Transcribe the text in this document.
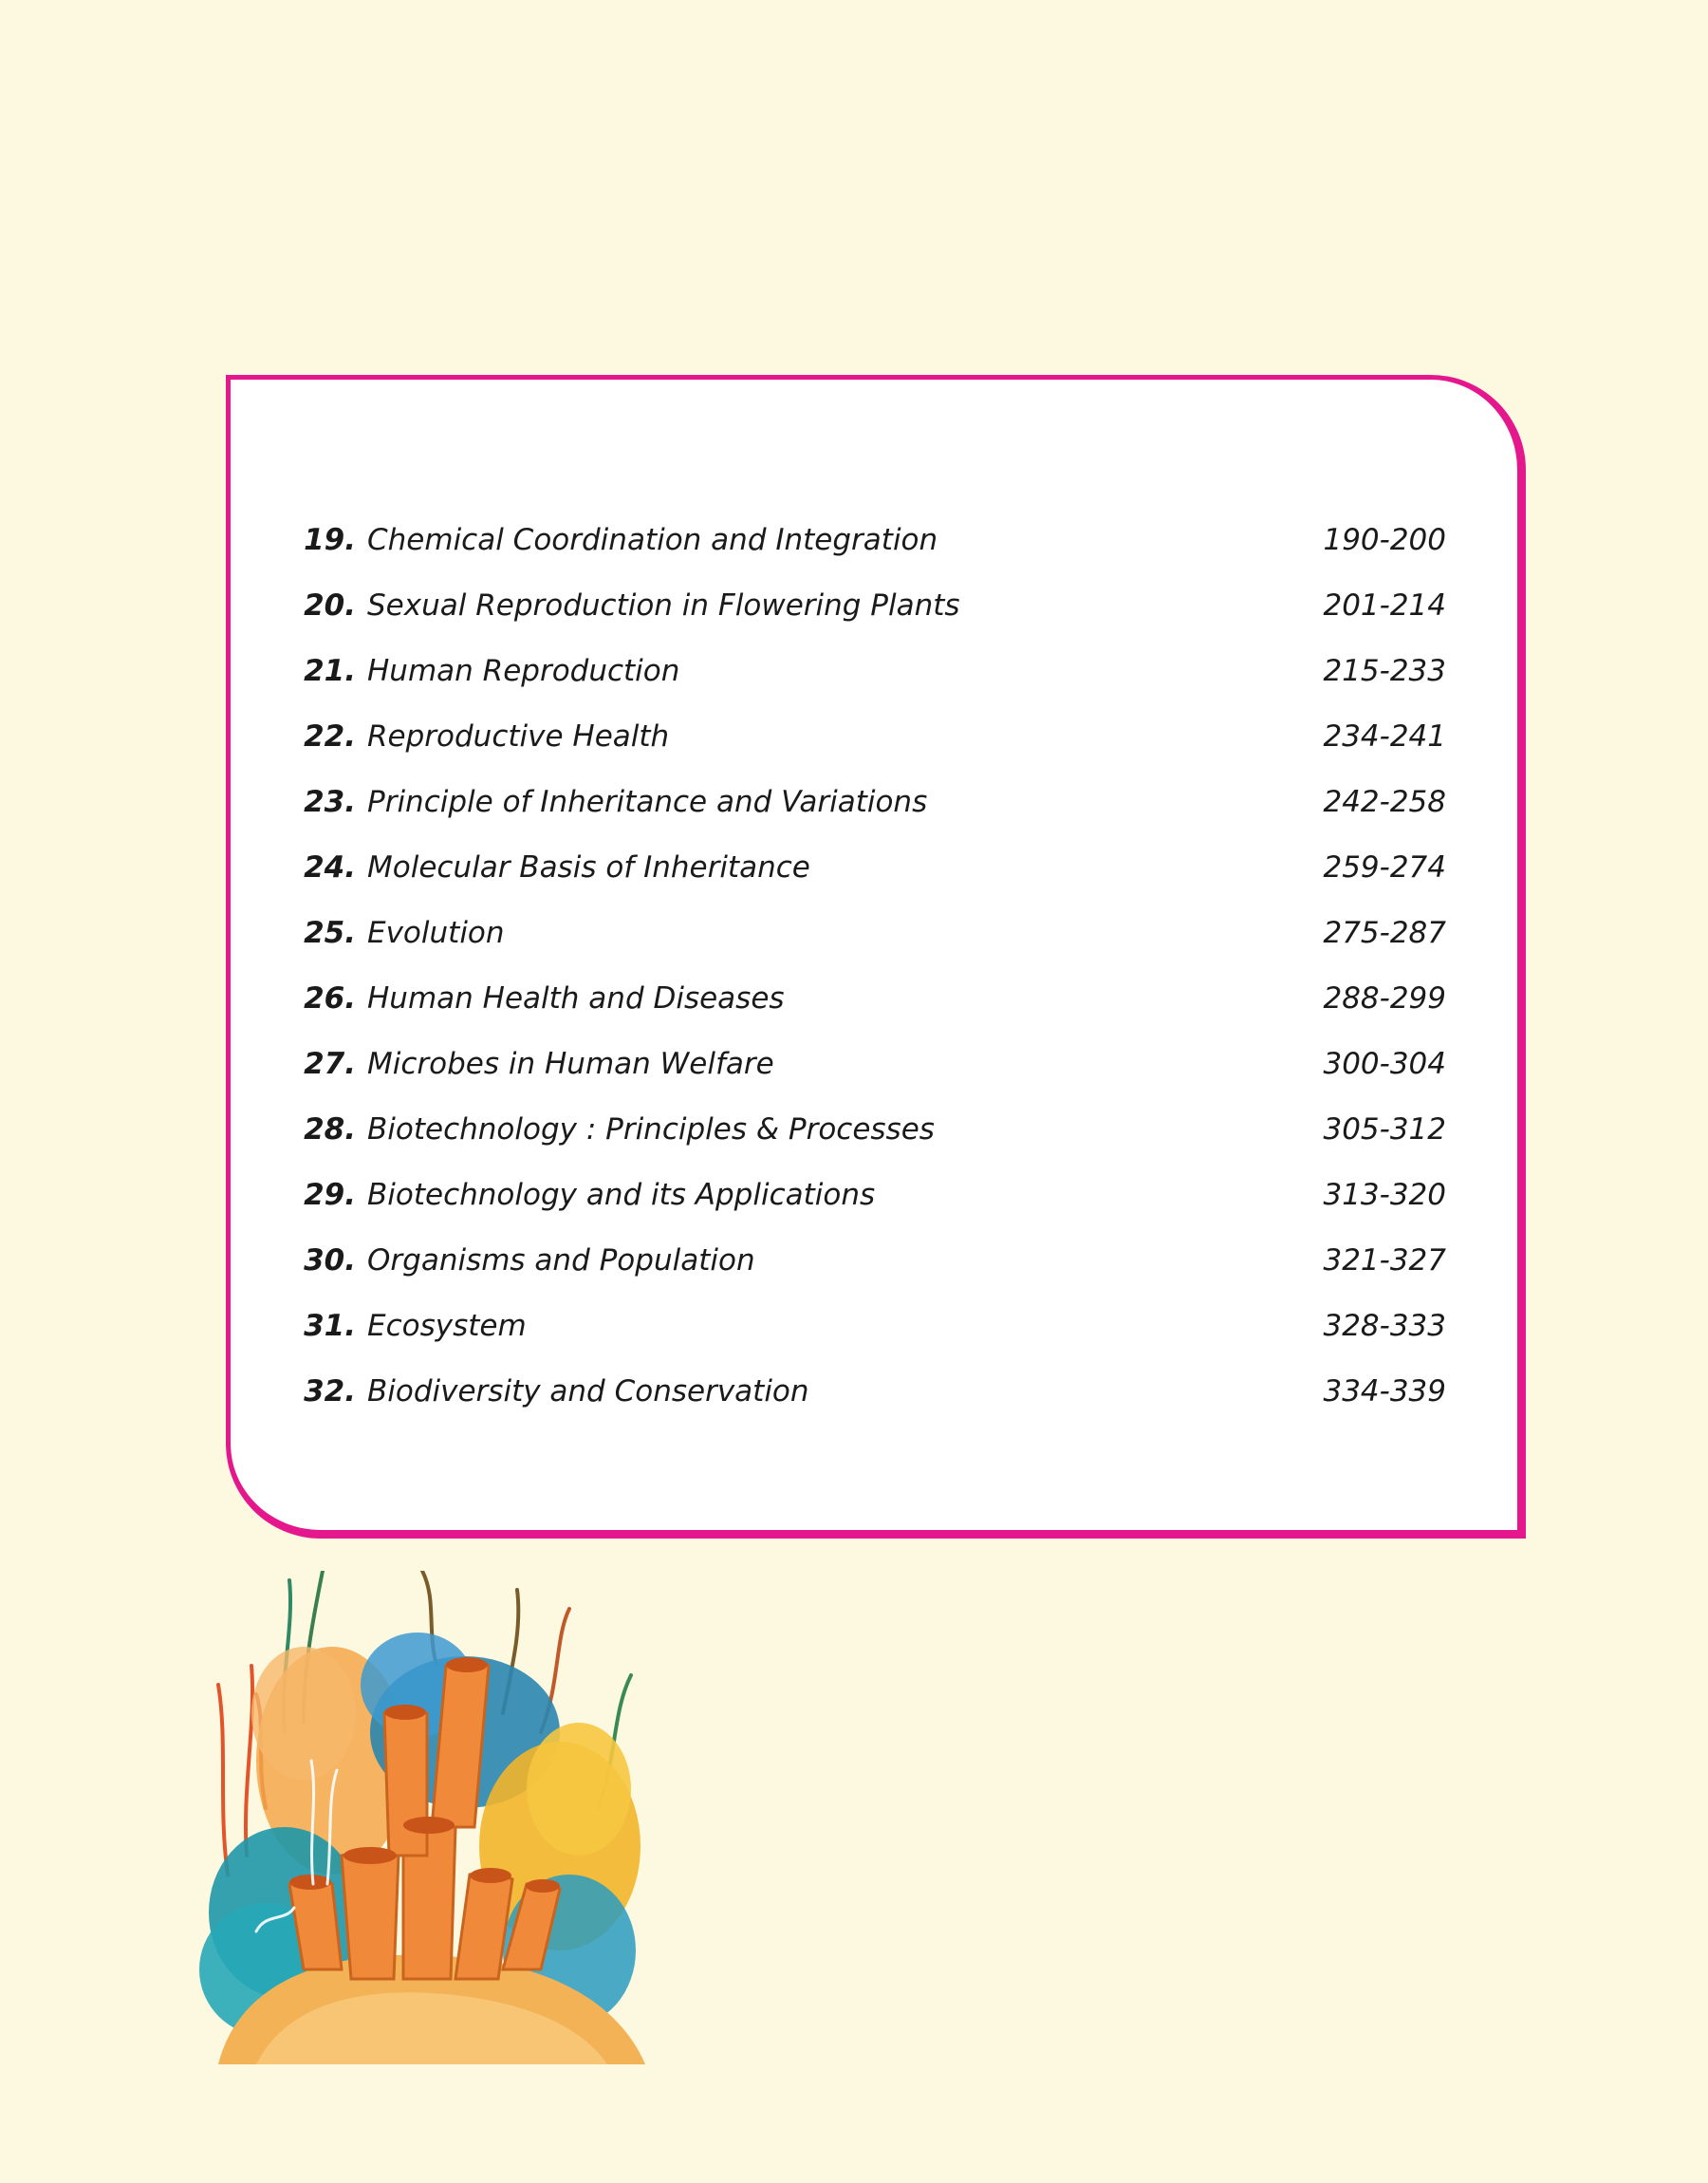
19. Chemical Coordination and Integration	190-200
20. Sexual Reproduction in Flowering Plants	201-214
21. Human Reproduction	215-233
22. Reproductive Health	234-241
23. Principle of Inheritance and Variations	242-258
24. Molecular Basis of Inheritance	259-274
25. Evolution	275-287
26. Human Health and Diseases	288-299
27. Microbes in Human Welfare	300-304
28. Biotechnology : Principles & Processes	305-312
29. Biotechnology and its Applications	313-320
30. Organisms and Population	321-327
31. Ecosystem	328-333
32. Biodiversity and Conservation	334-339
